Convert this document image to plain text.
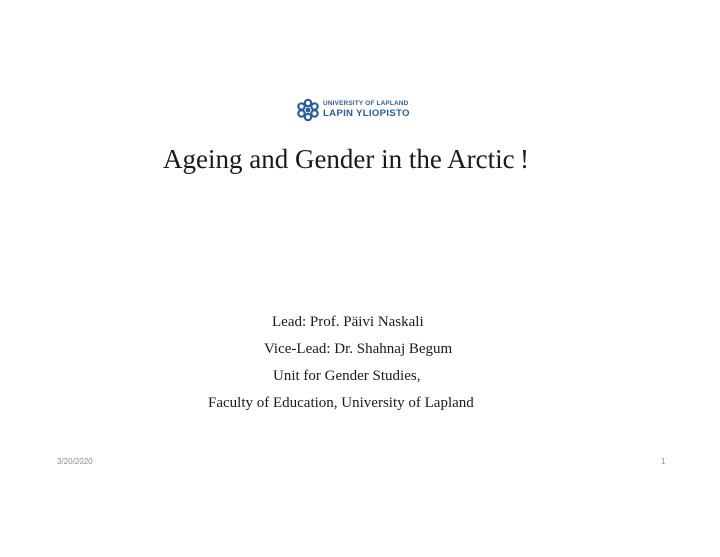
UNIVERSITY OF LAPLAND
LAPIN YLIOPISTO
Ageing and Gender in the Arctic !
Lead: Prof. Päivi Naskali
Vice-Lead: Dr. Shahnaj Begum
Unit for Gender Studies,
Faculty of Education, University of Lapland
3/20/2020	1
